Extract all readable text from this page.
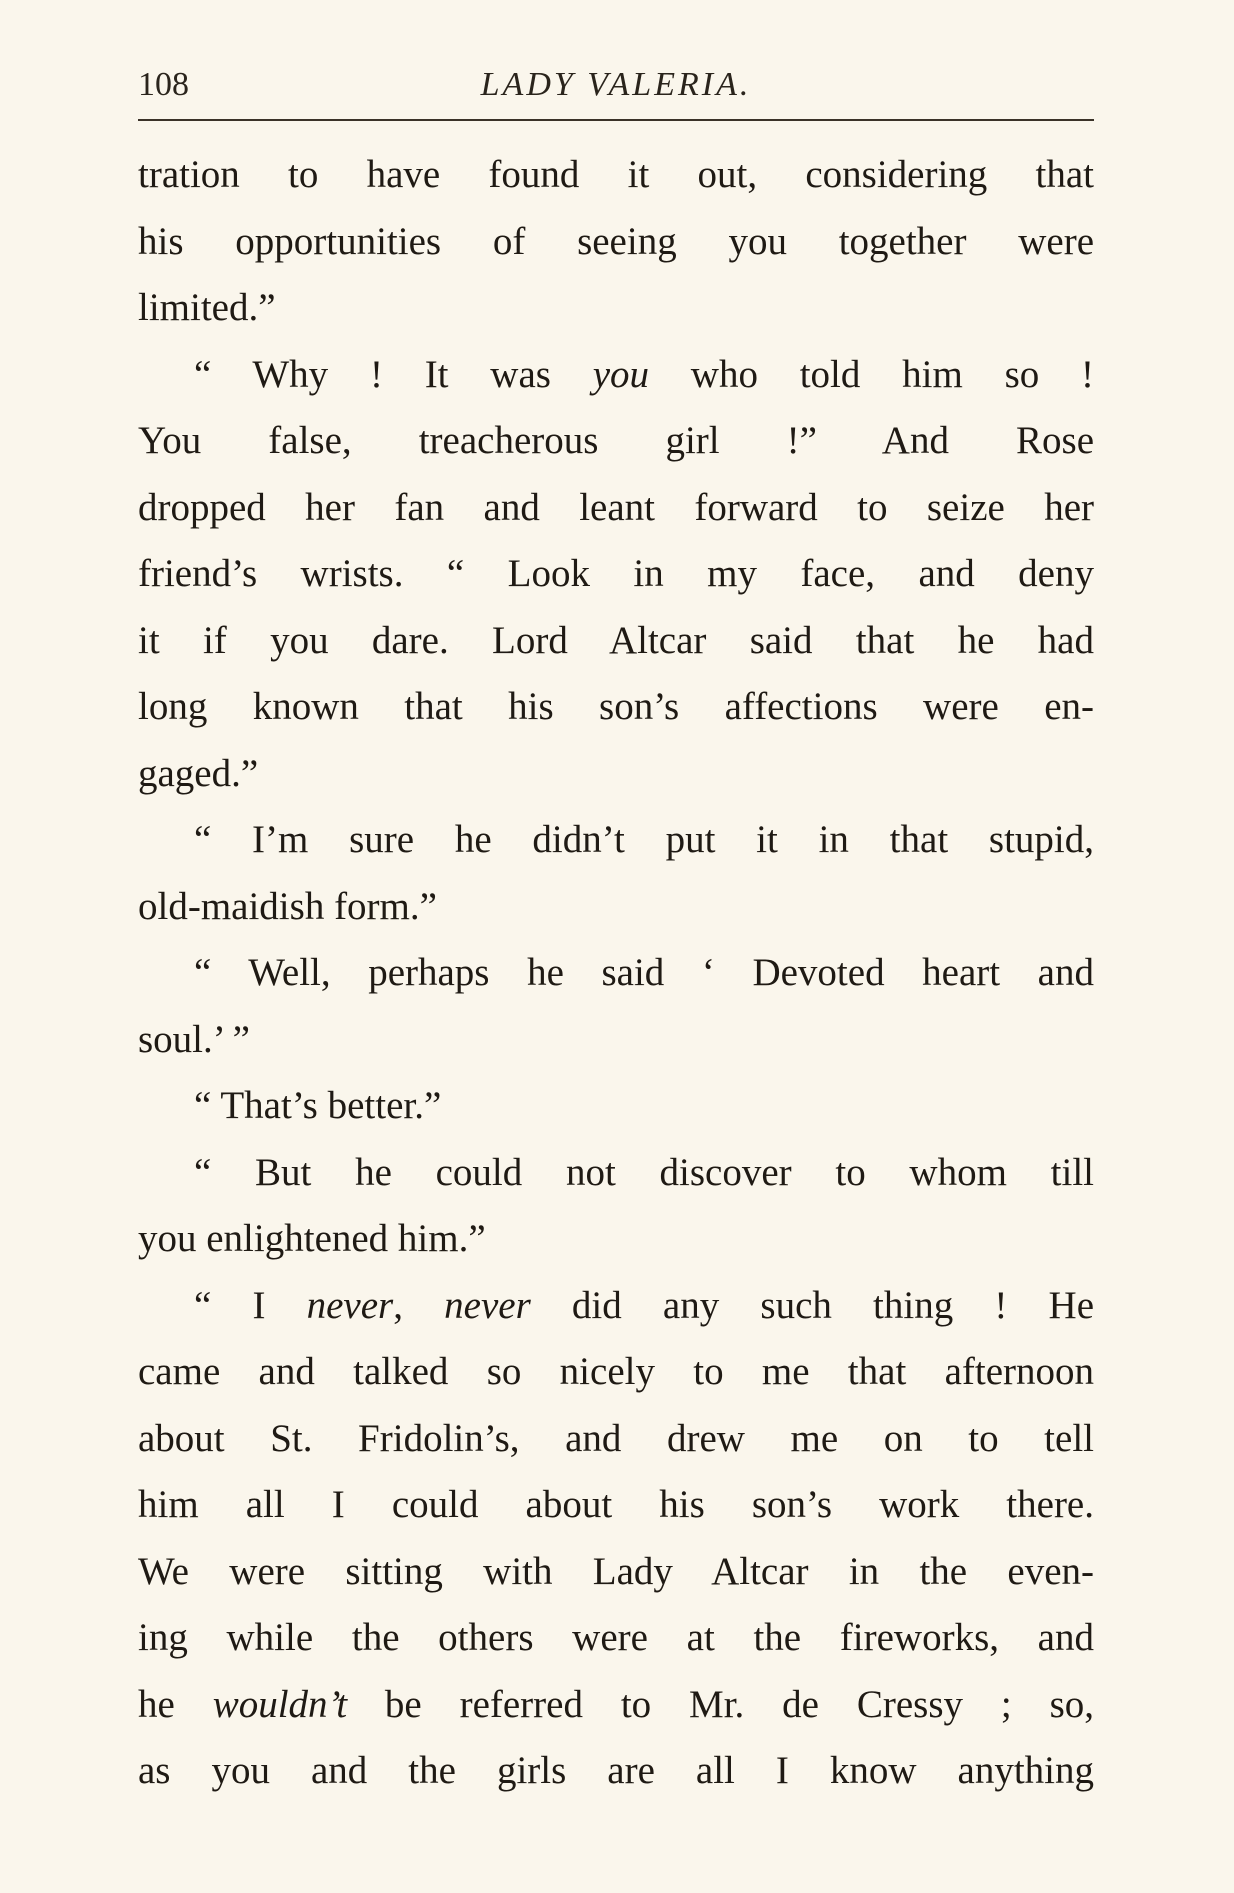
108	LADY VALERIA.
tration to have found it out, considering that
his opportunities of seeing you together were
limited.”
“ Why ! It was you who told him so !
You false, treacherous girl !” And Rose
dropped her fan and leant forward to seize her
friend’s wrists. “ Look in my face, and deny
it if you dare. Lord Altcar said that he had
long known that his son’s affections were en-
gaged.”
“ I’m sure he didn’t put it in that stupid,
old-maidish form.”
“ Well, perhaps he said ‘ Devoted heart and
soul.’ ”
“ That’s better.”
“ But he could not discover to whom till
you enlightened him.”
“ I never, never did any such thing ! He
came and talked so nicely to me that afternoon
about St. Fridolin’s, and drew me on to tell
him all I could about his son’s work there.
We were sitting with Lady Altcar in the even-
ing while the others were at the fireworks, and
he wouldn’t be referred to Mr. de Cressy ; so,
as you and the girls are all I know anything
